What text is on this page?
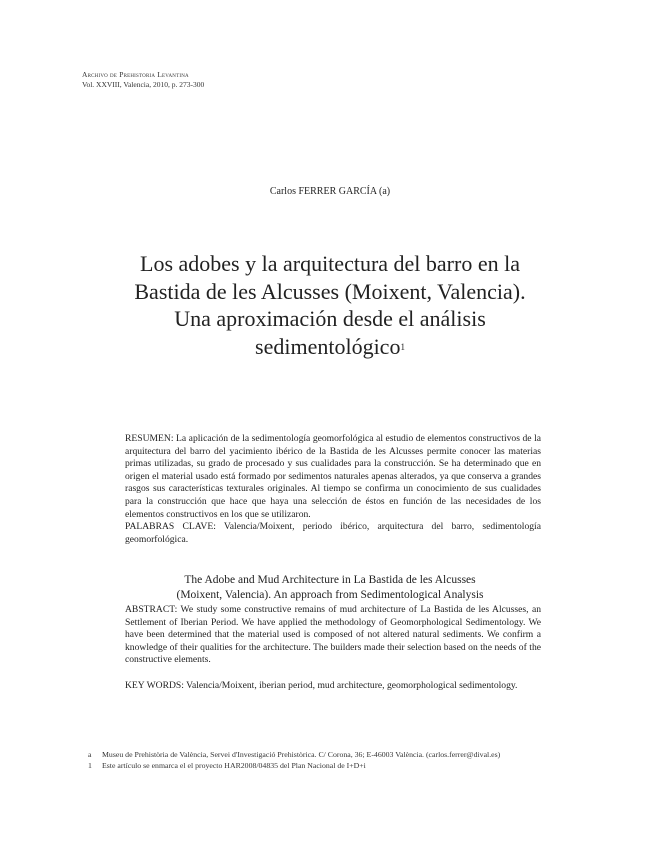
Archivo de Prehistoria Levantina
Vol. XXVIII, Valencia, 2010, p. 273-300
Carlos FERRER GARCÍA (a)
Los adobes y la arquitectura del barro en la
Bastida de les Alcusses (Moixent, Valencia).
Una aproximación desde el análisis
sedimentológico$^1$
RESUMEN: La aplicación de la sedimentología geomorfológica al estudio de elementos constructivos de la arquitectura del barro del yacimiento ibérico de la Bastida de les Alcusses permite conocer las materias primas utilizadas, su grado de procesado y sus cualidades para la construcción. Se ha determinado que en origen el material usado está formado por sedimentos naturales apenas alterados, ya que conserva a grandes rasgos sus características texturales originales. Al tiempo se confirma un conocimiento de sus cualidades para la construcción que hace que haya una selección de éstos en función de las necesidades de los elementos constructivos en los que se utilizaron.
PALABRAS CLAVE: Valencia/Moixent, periodo ibérico, arquitectura del barro, sedimentología geomorfológica.
The Adobe and Mud Architecture in La Bastida de les Alcusses
(Moixent, Valencia). An approach from Sedimentological Analysis
ABSTRACT: We study some constructive remains of mud architecture of La Bastida de les Alcusses, an Settlement of Iberian Period. We have applied the methodology of Geomorphological Sedimentology. We have been determined that the material used is composed of not altered natural sediments. We confirm a knowledge of their qualities for the architecture. The builders made their selection based on the needs of the constructive elements.
KEY WORDS: Valencia/Moixent, iberian period, mud architecture, geomorphological sedimentology.
a Museu de Prehistòria de València, Servei d'Investigació Prehistòrica. C/ Corona, 36; E-46003 València. (carlos.ferrer@dival.es)
1 Este artículo se enmarca el el proyecto HAR2008/04835 del Plan Nacional de I+D+i
